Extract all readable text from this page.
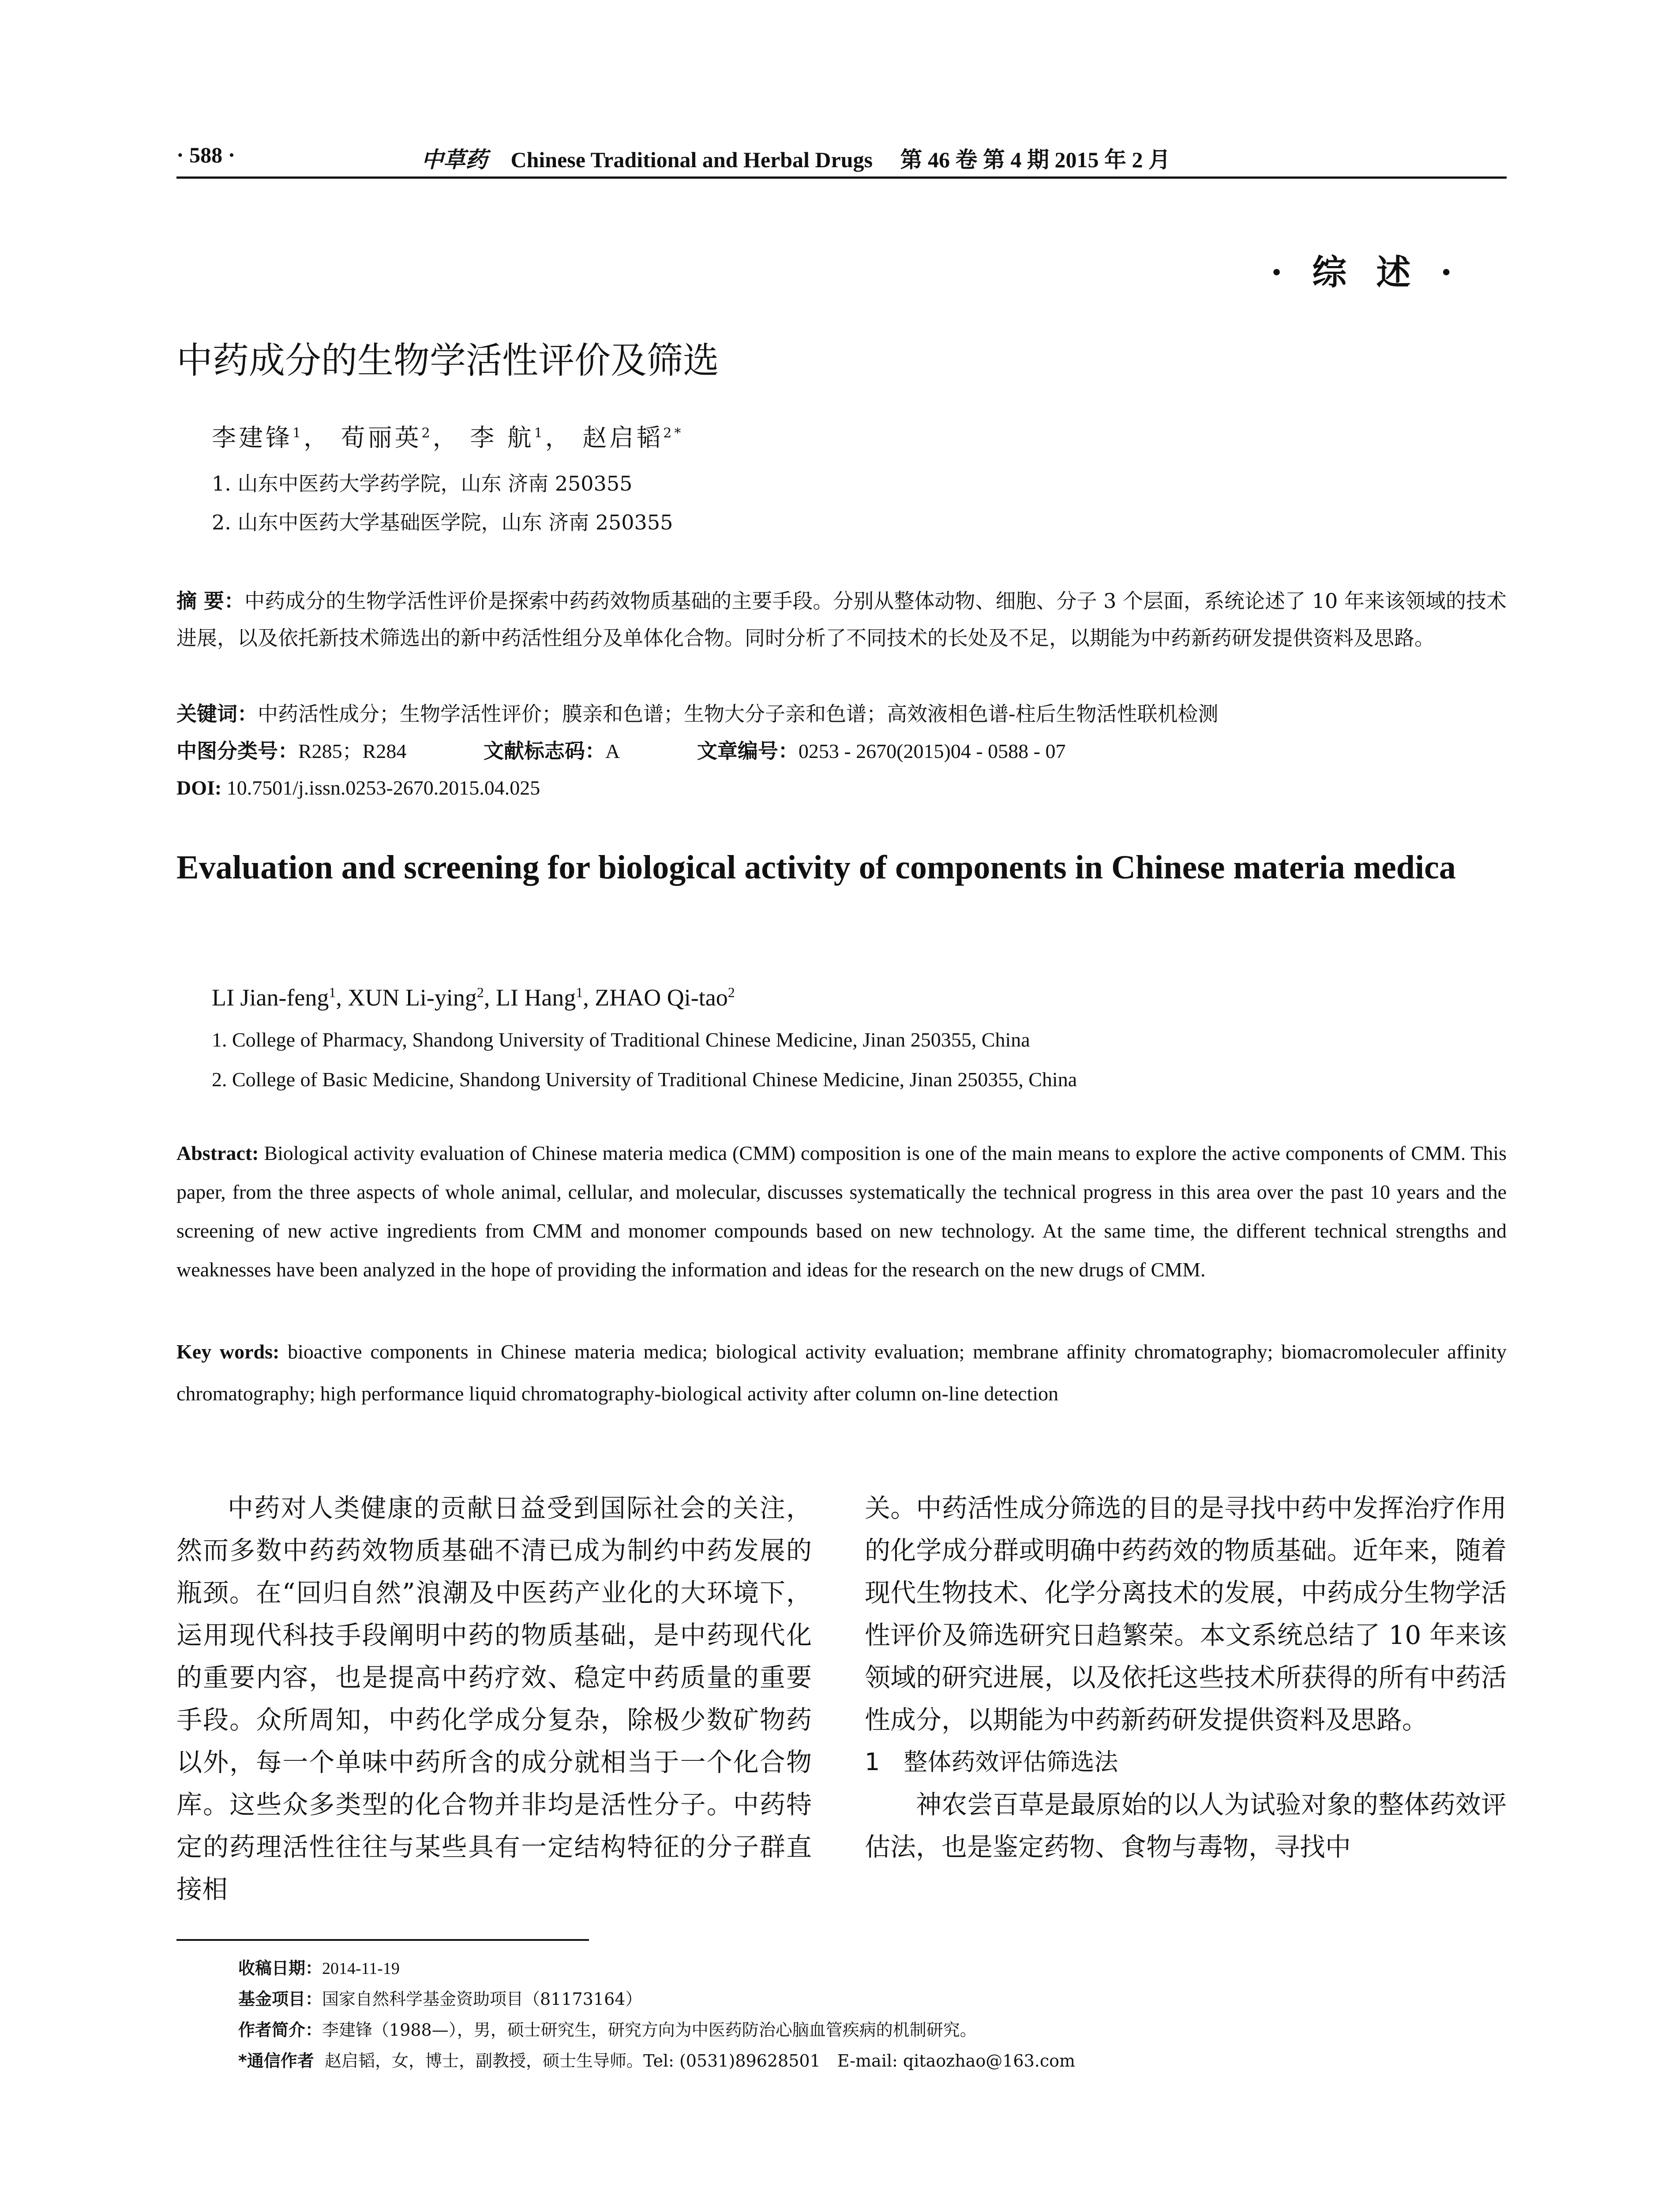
· 588 ·	中草药 Chinese Traditional and Herbal Drugs 第 46 卷 第 4 期 2015 年 2 月
· 综 述 ·
中药成分的生物学活性评价及筛选
李建锋$^1$， 荀丽英$^2$， 李 航$^1$， 赵启韬$^{2*}$
1. 山东中医药大学药学院，山东 济南 250355
2. 山东中医药大学基础医学院，山东 济南 250355
摘 要：中药成分的生物学活性评价是探索中药药效物质基础的主要手段。分别从整体动物、细胞、分子 3 个层面，系统论述了 10 年来该领域的技术进展，以及依托新技术筛选出的新中药活性组分及单体化合物。同时分析了不同技术的长处及不足，以期能为中药新药研发提供资料及思路。
关键词：中药活性成分；生物学活性评价；膜亲和色谱；生物大分子亲和色谱；高效液相色谱-柱后生物活性联机检测
中图分类号：R285；R284	文献标志码：A	文章编号：0253 - 2670(2015)04 - 0588 - 07
DOI: 10.7501/j.issn.0253-2670.2015.04.025
Evaluation and screening for biological activity of components in Chinese materia medica
LI Jian-feng$^1$, XUN Li-ying$^2$, LI Hang$^1$, ZHAO Qi-tao$^2$
1. College of Pharmacy, Shandong University of Traditional Chinese Medicine, Jinan 250355, China
2. College of Basic Medicine, Shandong University of Traditional Chinese Medicine, Jinan 250355, China
Abstract: Biological activity evaluation of Chinese materia medica (CMM) composition is one of the main means to explore the active components of CMM. This paper, from the three aspects of whole animal, cellular, and molecular, discusses systematically the technical progress in this area over the past 10 years and the screening of new active ingredients from CMM and monomer compounds based on new technology. At the same time, the different technical strengths and weaknesses have been analyzed in the hope of providing the information and ideas for the research on the new drugs of CMM.
Key words: bioactive components in Chinese materia medica; biological activity evaluation; membrane affinity chromatography; biomacromoleculer affinity chromatography; high performance liquid chromatography-biological activity after column on-line detection

中药对人类健康的贡献日益受到国际社会的关注，然而多数中药药效物质基础不清已成为制约中药发展的瓶颈。在“回归自然”浪潮及中医药产业化的大环境下，运用现代科技手段阐明中药的物质基础，是中药现代化的重要内容，也是提高中药疗效、稳定中药质量的重要手段。众所周知，中药化学成分复杂，除极少数矿物药以外，每一个单味中药所含的成分就相当于一个化合物库。这些众多类型的化合物并非均是活性分子。中药特定的药理活性往往与某些具有一定结构特征的分子群直接相

关。中药活性成分筛选的目的是寻找中药中发挥治疗作用的化学成分群或明确中药药效的物质基础。近年来，随着现代生物技术、化学分离技术的发展，中药成分生物学活性评价及筛选研究日趋繁荣。本文系统总结了 10 年来该领域的研究进展，以及依托这些技术所获得的所有中药活性成分，以期能为中药新药研发提供资料及思路。

1　整体药效评估筛选法

神农尝百草是最原始的以人为试验对象的整体药效评估法，也是鉴定药物、食物与毒物，寻找中

收稿日期：2014-11-19
基金项目：国家自然科学基金资助项目（81173164）
作者简介：李建锋（1988—），男，硕士研究生，研究方向为中医药防治心脑血管疾病的机制研究。
*通信作者 赵启韬，女，博士，副教授，硕士生导师。Tel: (0531)89628501　E-mail: qitaozhao@163.com
